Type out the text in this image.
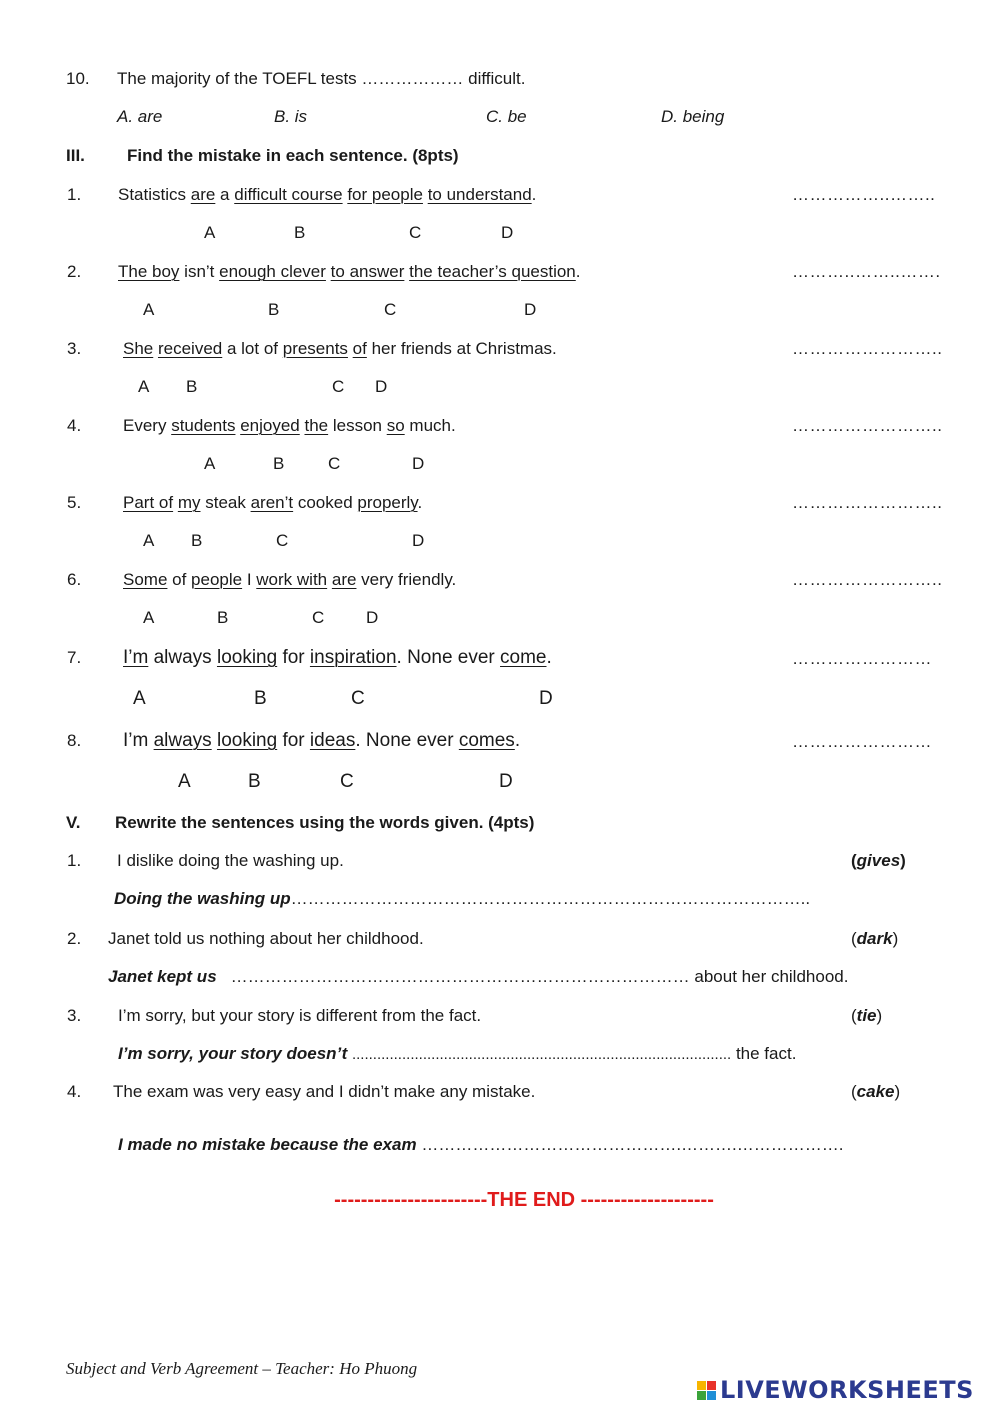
10. The majority of the TOEFL tests ……………… difficult.
A. are	B. is	C. be	D. being
III. Find the mistake in each sentence. (8pts)
1. Statistics are a difficult course for people to understand.	……………..……..
A	B	C	D
2. The boy isn’t enough clever to answer the teacher’s question.	………..……..…….
A	B	C	D
3. She received a lot of presents of her friends at Christmas.	……………………..
A B	C D
4. Every students enjoyed the lesson so much.	……………………..
A	B	C	D
5. Part of my steak aren’t cooked properly.	……………………..
A B	C	D
6. Some of people I work with are very friendly.	……………………..
A	B	C D
7. I’m always looking for inspiration. None ever come.	……………………
A	B	C	D
8. I’m always looking for ideas. None ever comes.	……………………
A	B	C	D
V. Rewrite the sentences using the words given. (4pts)
1. I dislike doing the washing up.	(gives)
Doing the washing up………………………………………………………………………………..
2. Janet told us nothing about her childhood.	(dark)
Janet kept us ……………………………………………………………………… about her childhood.
3. I’m sorry, but your story is different from the fact.	(tie)
I’m sorry, your story doesn’t ........................................................................................... the fact.
4. The exam was very easy and I didn’t make any mistake.	(cake)
I made no mistake because the exam ……………………………………….……….……………….
-----------------------THE END --------------------
Subject and Verb Agreement – Teacher: Ho Phuong
LIVEWORKSHEETS
